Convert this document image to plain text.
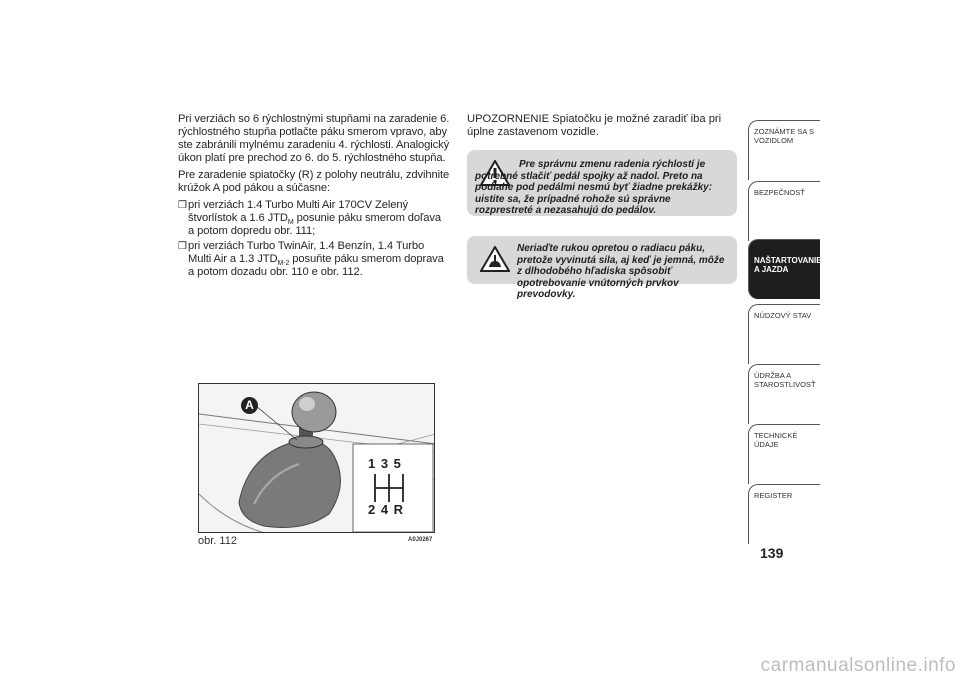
Pri verziách so 6 rýchlostnými stupňami na zaradenie 6. rýchlostného stupňa potlačte páku smerom vpravo, aby ste zabránili mylnému zaradeniu 4. rýchlosti. Analogický úkon platí pre prechod zo 6. do 5. rýchlostného stupňa.

Pre zaradenie spiatočky (R) z polohy neutrálu, zdvihnite krúžok A pod pákou a súčasne:

❒ pri verziách 1.4 Turbo Multi Air 170CV Zelený štvorlístok a 1.6 $JTD_M$ posunie páku smerom doľava a potom dopredu obr. 111;
❒ pri verziách Turbo TwinAir, 1.4 Benzín, 1.4 Turbo Multi Air a 1.3 $JTD_{M-2}$ posuňte páku smerom doprava a potom dozadu obr. 110 e obr. 112.
A
1 3 5
2 4 R
obr. 112	A0J0267
UPOZORNENIE Spiatočku je možné zaradiť iba pri úplne zastavenom vozidle.
Pre správnu zmenu radenia rýchlostí je potrebné stlačiť pedál spojky až nadol. Preto na podlahe pod pedálmi nesmú byť žiadne prekážky: uistite sa, že prípadné rohože sú správne rozprestreté a nezasahujú do pedálov.
Neriaďte rukou opretou o radiacu páku, pretože vyvinutá sila, aj keď je jemná, môže z dlhodobého hľadiska spôsobiť opotrebovanie vnútorných prvkov prevodovky.
ZOZNÁMTE SA S VOZIDLOM
BEZPEČNOSŤ
NAŠTARTOVANIE A JAZDA
NÚDZOVÝ STAV
ÚDRŽBA A STAROSTLIVOSŤ
TECHNICKÉ ÚDAJE
REGISTER
139
carmanualsonline.info
